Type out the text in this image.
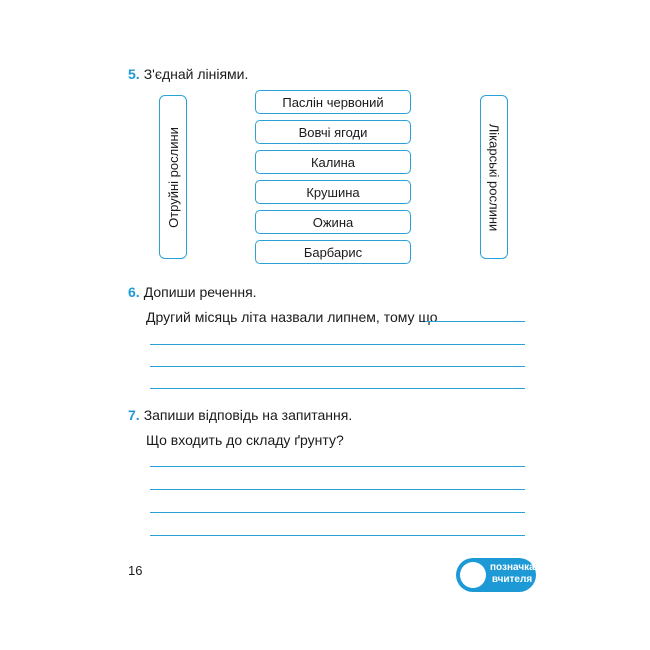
5. З'єднай лініями.
Отруйні рослини	Лікарські рослини
Паслін червоний
Вовчі ягоди
Калина
Крушина
Ожина
Барбарис
6. Допиши речення.
Другий місяць літа назвали липнем, тому що
7. Запиши відповідь на запитання.
Що входить до складу ґрунту?
16	позначка
вчителя
